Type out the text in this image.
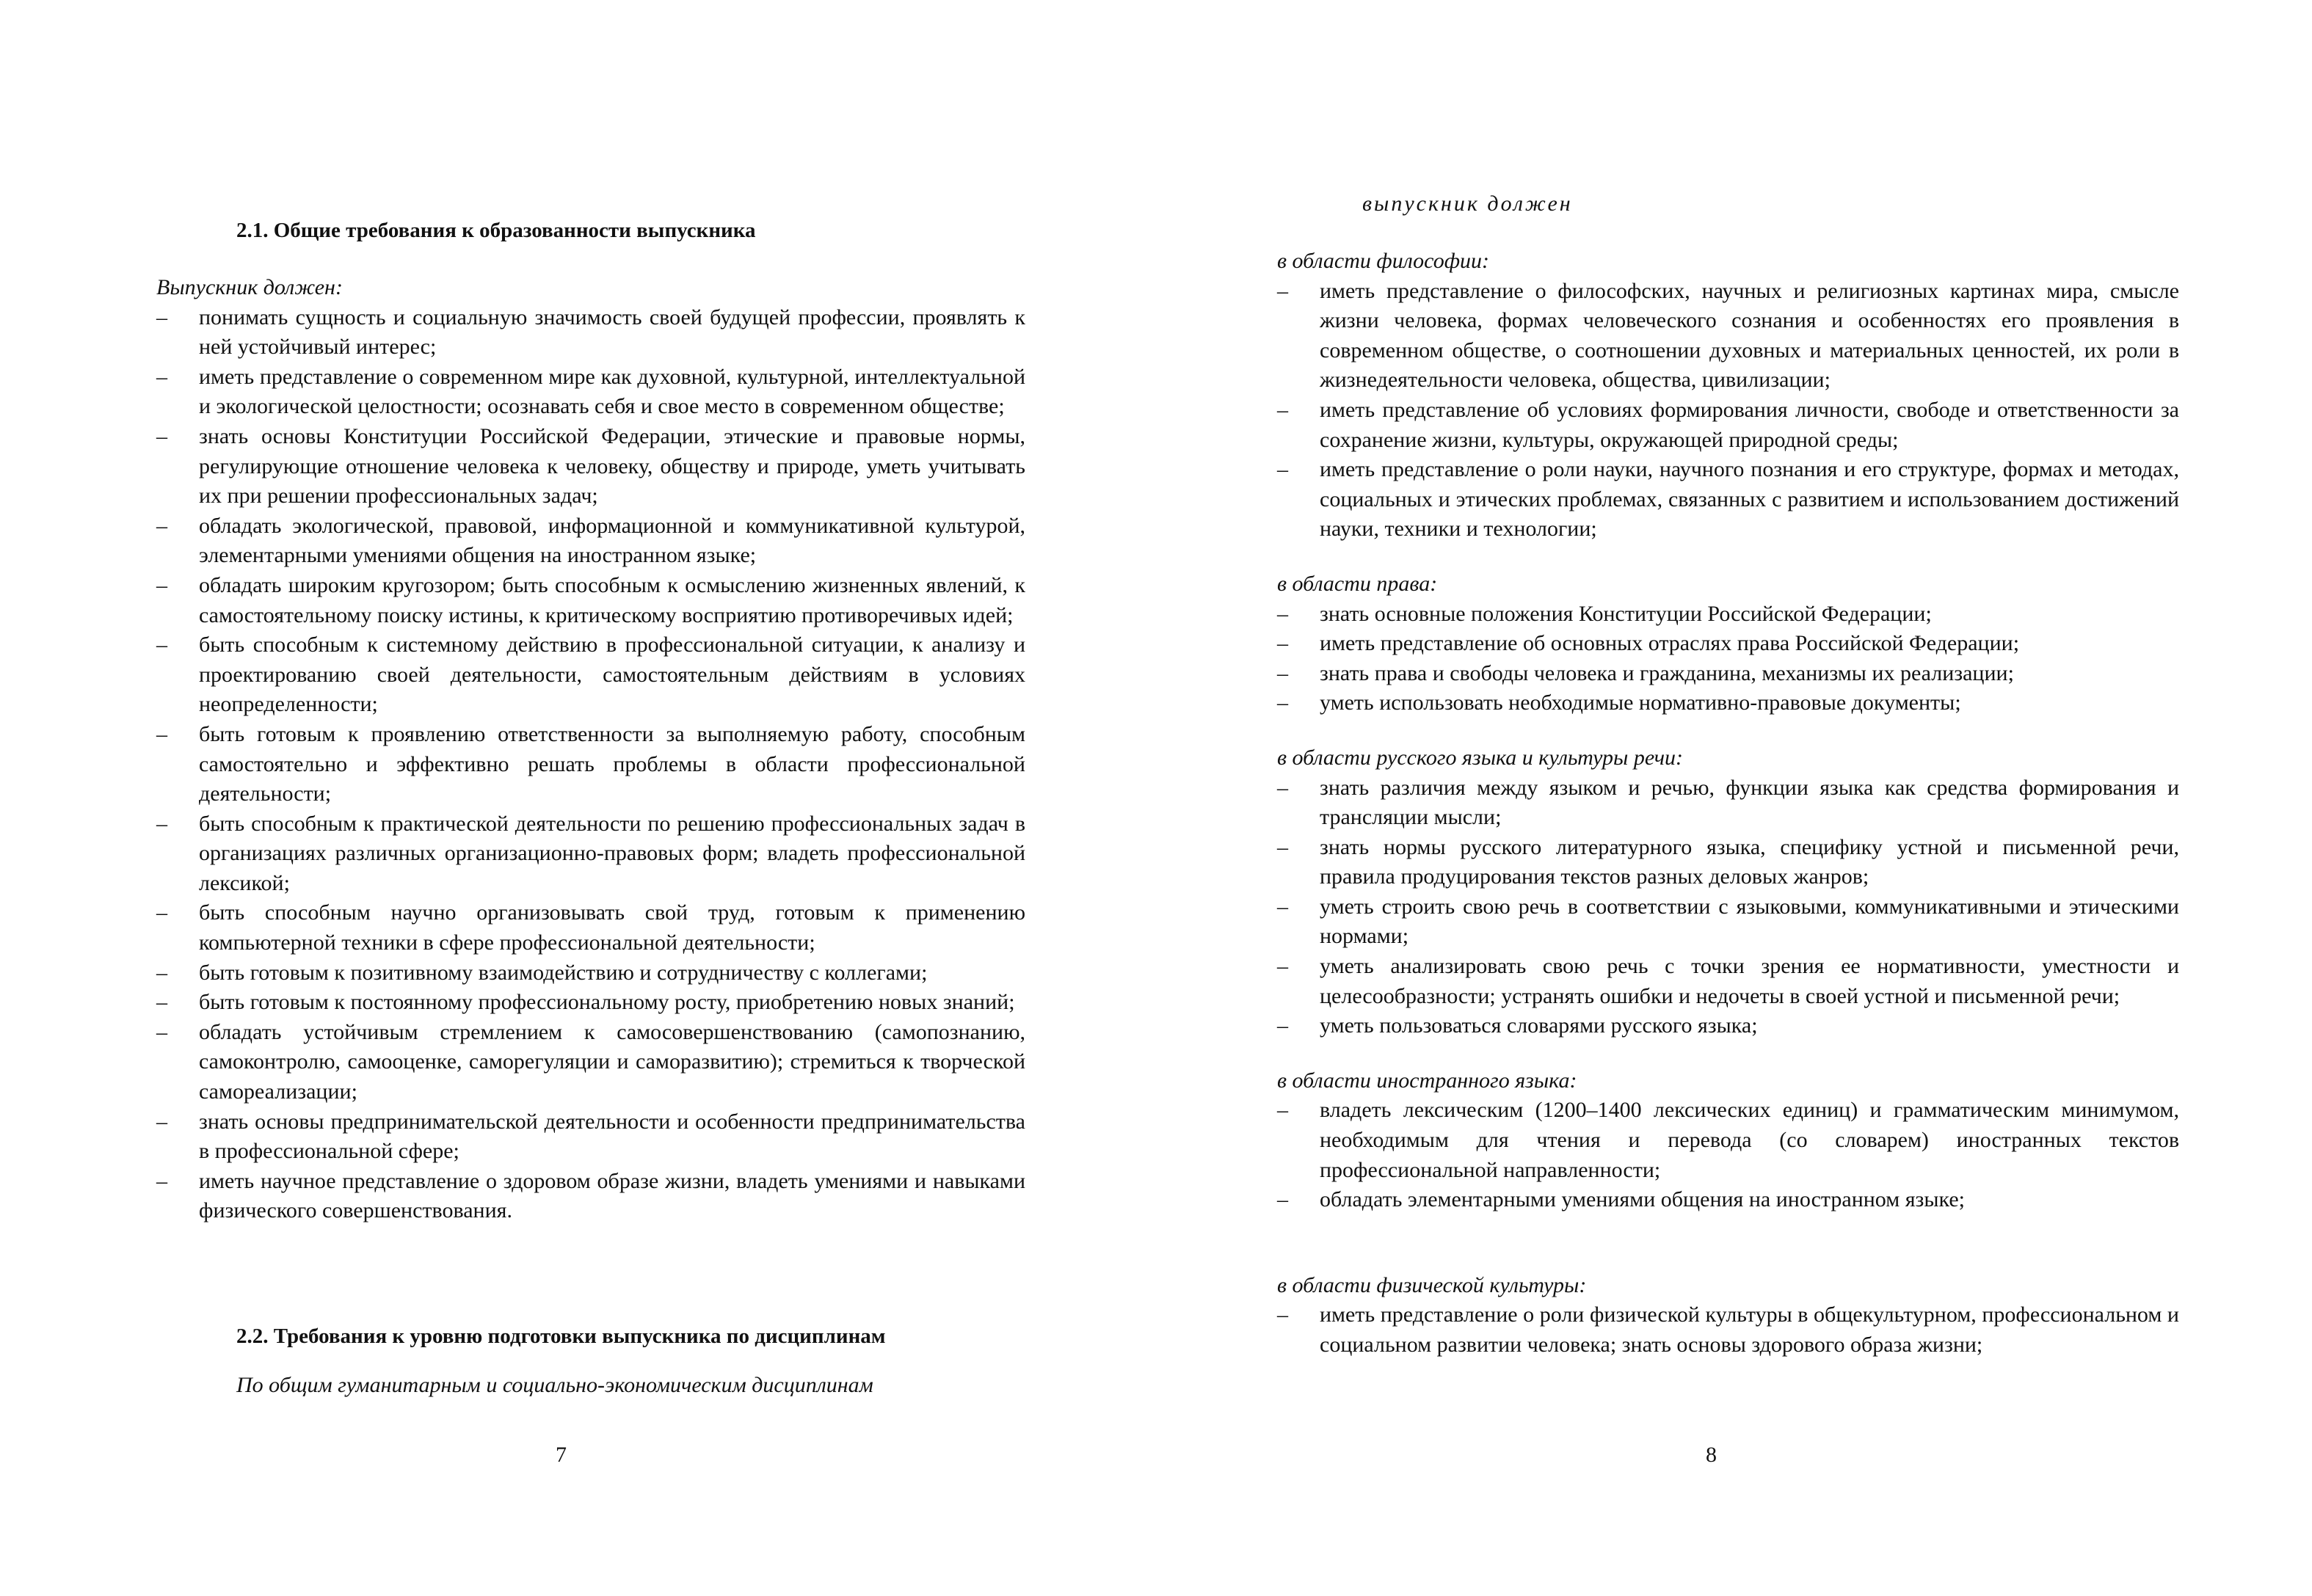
2.1. Общие требования к образованности выпускника

Выпускник должен:

– понимать сущность и социальную значимость своей будущей профессии, проявлять к ней устойчивый интерес;
– иметь представление о современном мире как духовной, культурной, интеллектуальной и экологической целостности; осознавать себя и свое место в современном обществе;
– знать основы Конституции Российской Федерации, этические и правовые нормы, регулирующие отношение человека к человеку, обществу и природе, уметь учитывать их при решении профессиональных задач;
– обладать экологической, правовой, информационной и коммуникативной культурой, элементарными умениями общения на иностранном языке;
– обладать широким кругозором; быть способным к осмыслению жизненных явлений, к самостоятельному поиску истины, к критическому восприятию противоречивых идей;
– быть способным к системному действию в профессиональной ситуации, к анализу и проектированию своей деятельности, самостоятельным действиям в условиях неопределенности;
– быть готовым к проявлению ответственности за выполняемую работу, способным самостоятельно и эффективно решать проблемы в области профессиональной деятельности;
– быть способным к практической деятельности по решению профессиональных задач в организациях различных организационно-правовых форм; владеть профессиональной лексикой;
– быть способным научно организовывать свой труд, готовым к применению компьютерной техники в сфере профессиональной деятельности;
– быть готовым к позитивному взаимодействию и сотрудничеству с коллегами;
– быть готовым к постоянному профессиональному росту, приобретению новых знаний;
– обладать устойчивым стремлением к самосовершенствованию (самопознанию, самоконтролю, самооценке, саморегуляции и саморазвитию); стремиться к творческой самореализации;
– знать основы предпринимательской деятельности и особенности предпринимательства в профессиональной сфере;
– иметь научное представление о здоровом образе жизни, владеть умениями и навыками физического совершенствования.
2.2. Требования к уровню подготовки выпускника по дисциплинам
По общим гуманитарным и социально-экономическим дисциплинам
7
выпускник должен

в области философии:

– иметь представление о философских, научных и религиозных картинах мира, смысле жизни человека, формах человеческого сознания и особенностях его проявления в современном обществе, о соотношении духовных и материальных ценностей, их роли в жизнедеятельности человека, общества, цивилизации;
– иметь представление об условиях формирования личности, свободе и ответственности за сохранение жизни, культуры, окружающей природной среды;
– иметь представление о роли науки, научного познания и его структуре, формах и методах, социальных и этических проблемах, связанных с развитием и использованием достижений науки, техники и технологии;

в области права:

– знать основные положения Конституции Российской Федерации;
– иметь представление об основных отраслях права Российской Федерации;
– знать права и свободы человека и гражданина, механизмы их реализации;
– уметь использовать необходимые нормативно-правовые документы;

в области русского языка и культуры речи:

– знать различия между языком и речью, функции языка как средства формирования и трансляции мысли;
– знать нормы русского литературного языка, специфику устной и письменной речи, правила продуцирования текстов разных деловых жанров;
– уметь строить свою речь в соответствии с языковыми, коммуникативными и этическими нормами;
– уметь анализировать свою речь с точки зрения ее нормативности, уместности и целесообразности; устранять ошибки и недочеты в своей устной и письменной речи;
– уметь пользоваться словарями русского языка;

в области иностранного языка:

– владеть лексическим (1200–1400 лексических единиц) и грамматическим минимумом, необходимым для чтения и перевода (со словарем) иностранных текстов профессиональной направленности;
– обладать элементарными умениями общения на иностранном языке;

в области физической культуры:

– иметь представление о роли физической культуры в общекультурном, профессиональном и социальном развитии человека; знать основы здорового образа жизни;
8
